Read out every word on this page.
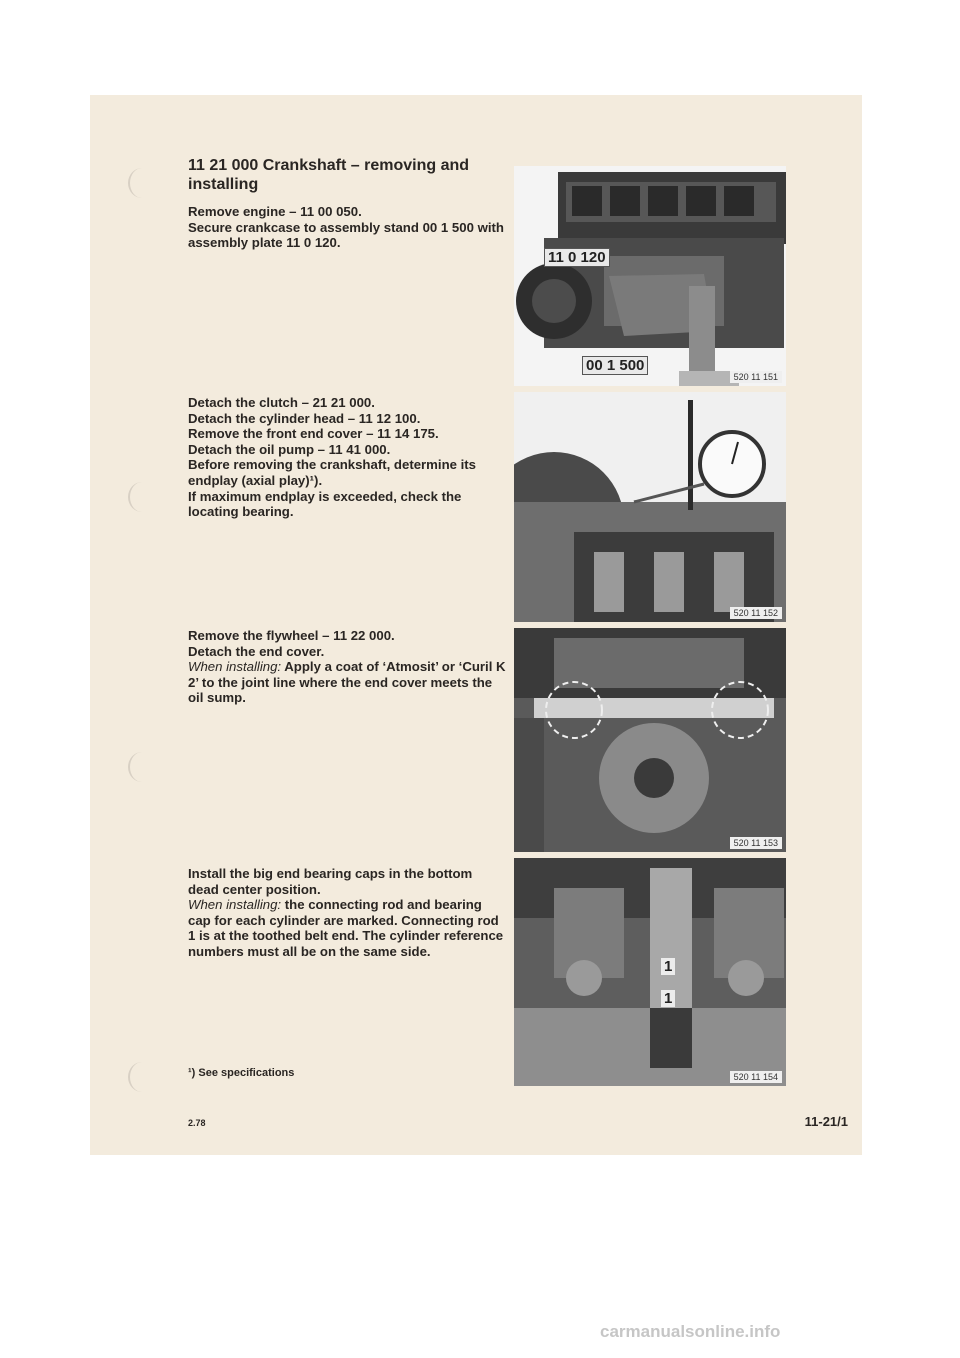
11 21 000 Crankshaft – removing and installing

Remove engine – 11 00 050.

Secure crankcase to assembly stand 00 1 500 with assembly plate 11 0 120.

Detach the clutch – 21 21 000.

Detach the cylinder head – 11 12 100.

Remove the front end cover – 11 14 175.

Detach the oil pump – 11 41 000.

Before removing the crankshaft, determine its endplay (axial play)¹).

If maximum endplay is exceeded, check the locating bearing.

Remove the flywheel – 11 22 000.

Detach the end cover.

When installing: Apply a coat of ‘Atmosit’ or ‘Curil K 2’ to the joint line where the end cover meets the oil sump.

Install the big end bearing caps in the bottom dead center position.

When installing: the connecting rod and bearing cap for each cylinder are marked. Connecting rod 1 is at the toothed belt end. The cylinder reference numbers must all be on the same side.

11 0 120
00 1 500
520 11 151
520 11 152
520 11 153
1
1
520 11 154
¹) See specifications
2.78	11-21/1
carmanualsonline.info
